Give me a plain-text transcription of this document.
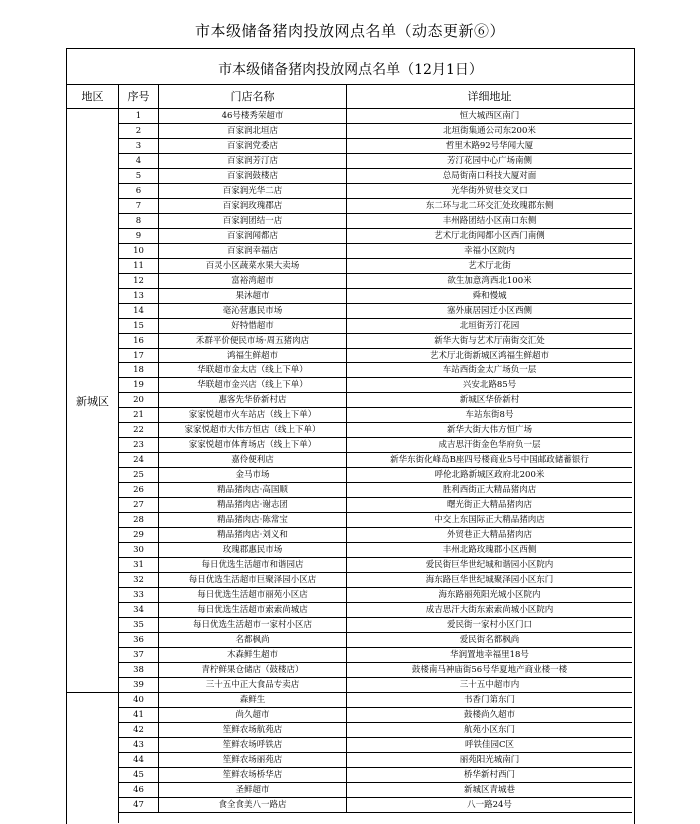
市本级储备猪肉投放网点名单（动态更新⑥）
市本级储备猪肉投放网点名单（12月1日）
地区	序号	门店名称	详细地址
新城区
1	46号楼秀荣超市	恒大城西区南门
2	百家润北垣店	北垣街集通公司东200米
3	百家润党委店	哲里木路92号华闻大厦
4	百家润芳汀店	芳汀花园中心广场南侧
5	百家润鼓楼店	总局街南口科技大厦对面
6	百家润光华二店	光华街外贸巷交叉口
7	百家润玫瑰郡店	东二环与北二环交汇处玫瑰郡东侧
8	百家润团结一店	丰州路团结小区南口东侧
9	百家润闻都店	艺术厅北街闻都小区西门南侧
10	百家润幸福店	幸福小区院内
11	百灵小区蔬菜水果大卖场	艺术厅北街
12	富裕湾超市	欲生加意湾西北100米
13	果沐超市	舜和慢城
14	毫沁营惠民市场	塞外康居园迁小区西侧
15	好特惜超市	北垣街芳汀花园
16	禾群平价便民市场·周五猪肉店	新华大街与艺术厅南街交汇处
17	鸿福生鲜超市	艺术厅北街新城区鸿福生鲜超市
18	华联超市金太店（线上下单）	车站西街金太广场负一层
19	华联超市金兴店（线上下单）	兴安北路85号
20	惠客先华侨新村店	新城区华侨新村
21	家家悦超市火车站店（线上下单）	车站东街8号
22	家家悦超市大伟方恒店（线上下单）	新华大街大伟方恒广场
23	家家悦超市体育场店（线上下单）	成吉思汗街金色华府负一层
24	嘉伶便利店	新华东街化峰岛B座四号楼商业5号中国邮政储蓄银行
25	金马市场	呼伦北路新城区政府北200米
26	精品猪肉店·高国顺	胜利西街正大精品猪肉店
27	精品猪肉店·谢志团	曙光街正大精品猪肉店
28	精品猪肉店·陈常宝	中交上东国际正大精品猪肉店
29	精品猪肉店·刘义和	外贸巷正大精品猪肉店
30	玫瑰郡惠民市场	丰州北路玫瑰郡小区西侧
31	每日优选生活超市和谐园店	爱民街巨华世纪城和谐园小区院内
32	每日优选生活超市巨聚泽园小区店	海东路巨华世纪城聚泽园小区东门
33	每日优选生活超市丽苑小区店	海东路丽苑阳光城小区院内
34	每日优选生活超市索索尚城店	成吉思汗大街东索索尚城小区院内
35	每日优选生活超市一家村小区店	爱民街一家村小区门口
36	名都枫尚	爱民街名都枫尚
37	木森鲜生超市	华润置地幸福里18号
38	青柠鲜果仓储店（鼓楼店）	鼓楼南马神庙街56号华夏地产商业楼一楼
39	三十五中正大食品专卖店	三十五中超市内
40	森鲜生	书香门第东门
41	尚久超市	鼓楼尚久超市
42	笙鲜农场航苑店	航苑小区东门
43	笙鲜农场呼铁店	呼铁佳园C区
44	笙鲜农场丽苑店	丽苑阳光城南门
45	笙鲜农场桥华店	桥华新村西门
46	圣鲜超市	新城区青城巷
47	食全食美八一路店	八一路24号
